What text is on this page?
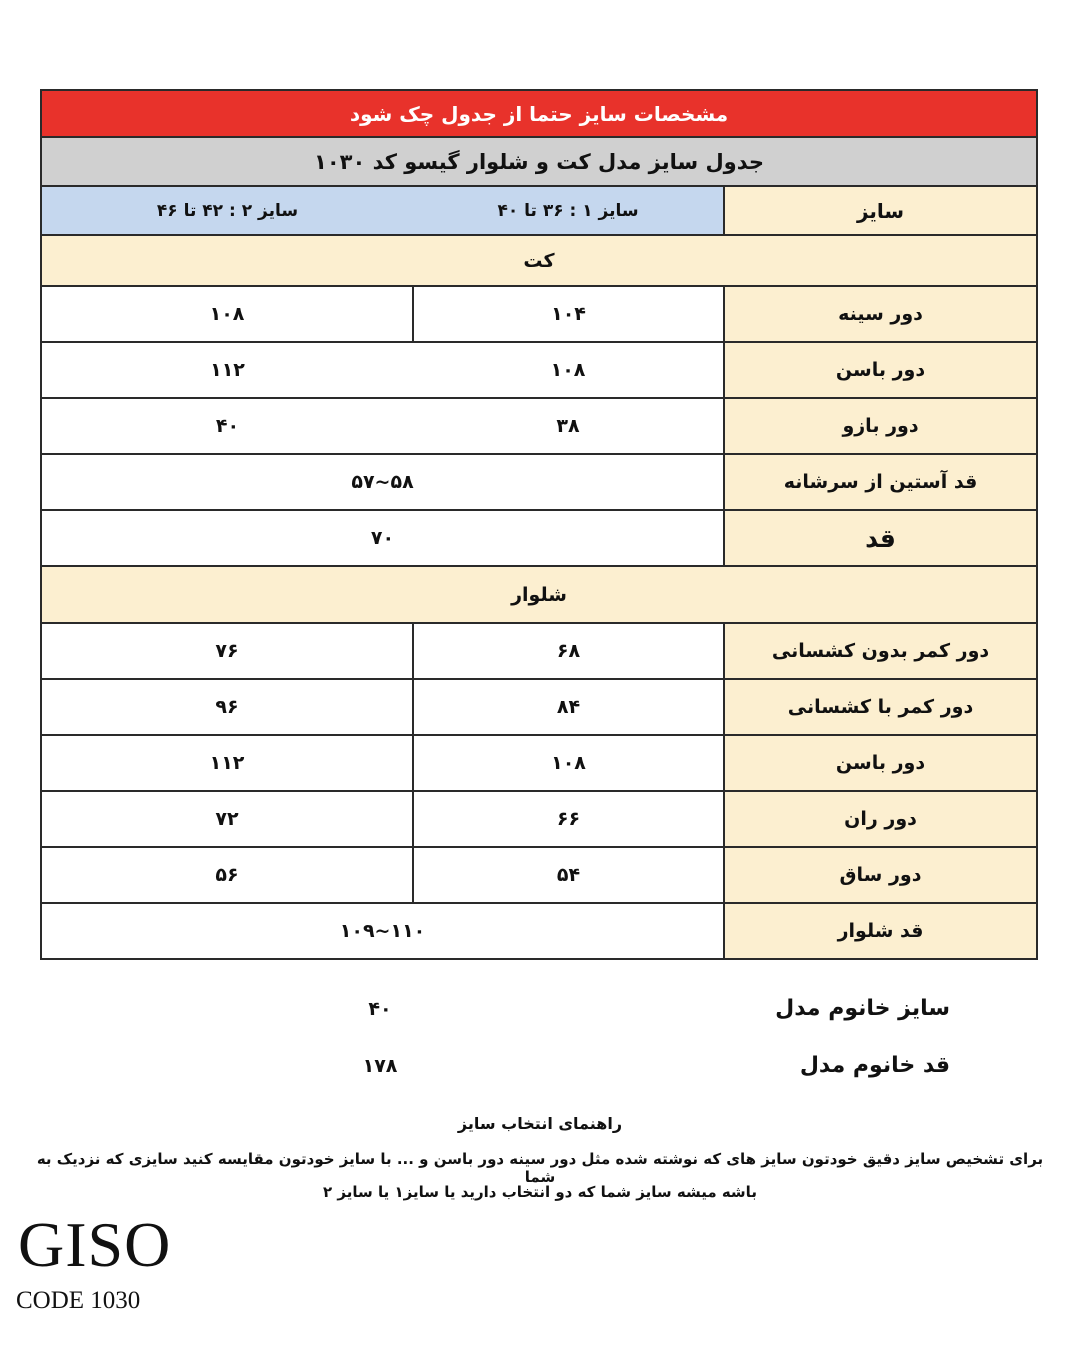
مشخصات سایز حتما از جدول چک شود		
جدول سایز مدل کت و شلوار گیسو کد ۱۰۳۰		
سایز	سایز ۱ : ۳۶ تا ۴۰	سایز ۲ : ۴۲ تا ۴۶
کت		
دور سینه	۱۰۴	۱۰۸
دور باسن	۱۰۸	۱۱۲
دور بازو	۳۸	۴۰
قد آستین از سرشانه	۵۸~۵۷	
قد	۷۰	
شلوار		
دور کمر بدون کشسانی	۶۸	۷۶
دور کمر با کشسانی	۸۴	۹۶
دور باسن	۱۰۸	۱۱۲
دور ران	۶۶	۷۲
دور ساق	۵۴	۵۶
قد شلوار	۱۱۰~۱۰۹	
سایز خانوم مدل
۴۰
قد خانوم مدل
۱۷۸
راهنمای انتخاب سایز
برای تشخیص سایز دقیق خودتون سایز های که نوشته شده مثل دور سینه دور باسن و ... با سایز خودتون مقایسه کنید سایزی که نزدیک به شما
باشه میشه سایز شما که دو انتخاب دارید یا سایز۱ یا سایز ۲
GISO
CODE 1030
